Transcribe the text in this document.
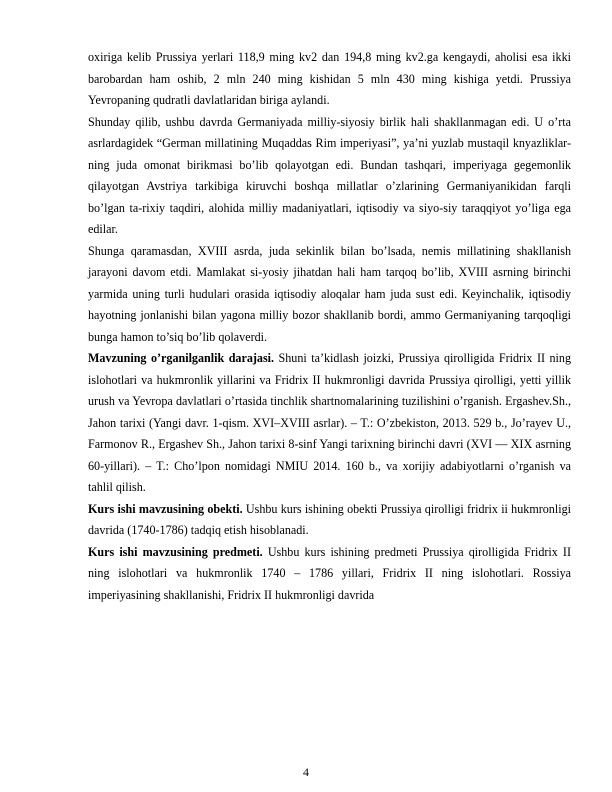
oxiriga kelib Prussiya yerlari 118,9 ming kv2 dan 194,8 ming kv2.ga kengaydi, aholisi esa ikki barobardan ham oshib, 2 mln 240 ming kishidan 5 mln 430 ming kishiga yetdi. Prussiya Yevropaning qudratli davlatlaridan biriga aylandi.

Shunday qilib, ushbu davrda Germaniyada milliy-siyosiy birlik hali shakllanmagan edi. U o’rta asrlardagidek “German millatining Muqaddas Rim imperiyasi”, ya’ni yuzlab mustaqil knyazliklar-ning juda omonat birikmasi bo’lib qolayotgan edi. Bundan tashqari, imperiyaga gegemonlik qilayotgan Avstriya tarkibiga kiruvchi boshqa millatlar o’zlarining Germaniyanikidan farqli bo’lgan ta-rixiy taqdiri, alohida milliy madaniyatlari, iqtisodiy va siyo-siy taraqqiyot yo’liga ega edilar.

Shunga qaramasdan, XVIII asrda, juda sekinlik bilan bo’lsada, nemis millatining shakllanish jarayoni davom etdi. Mamlakat si-yosiy jihatdan hali ham tarqoq bo’lib, XVIII asrning birinchi yarmida uning turli hudulari orasida iqtisodiy aloqalar ham juda sust edi. Keyinchalik, iqtisodiy hayotning jonlanishi bilan yagona milliy bozor shakllanib bordi, ammo Germaniyaning tarqoqligi bunga hamon to’siq bo’lib qolaverdi.

Mavzuning o’rganilganlik darajasi. Shuni ta’kidlash joizki, Prussiya qirolligida Fridrix II ning islohotlari va hukmronlik yillarini va Fridrix II hukmronligi davrida Prussiya qirolligi, yetti yillik urush va Yevropa davlatlari o’rtasida tinchlik shartnomalarining tuzilishini o’rganish. Ergashev.Sh., Jahon tarixi (Yangi davr. 1-qism. XVI–XVIII asrlar). – T.: O’zbekiston, 2013. 529 b., Jo’rayev U., Farmonov R., Ergashev Sh., Jahon tarixi 8-sinf Yangi tarixning birinchi davri (XVI — XIX asrning 60-yillari). – T.: Cho’lpon nomidagi NMIU 2014. 160 b., va xorijiy adabiyotlarni o’rganish va tahlil qilish.

Kurs ishi mavzusining obekti. Ushbu kurs ishining obekti Prussiya qirolligi fridrix ii hukmronligi davrida (1740-1786) tadqiq etish hisoblanadi.

Kurs ishi mavzusining predmeti. Ushbu kurs ishining predmeti Prussiya qirolligida Fridrix II ning islohotlari va hukmronlik 1740 – 1786 yillari, Fridrix II ning islohotlari. Rossiya imperiyasining shakllanishi, Fridrix II hukmronligi davrida

4
